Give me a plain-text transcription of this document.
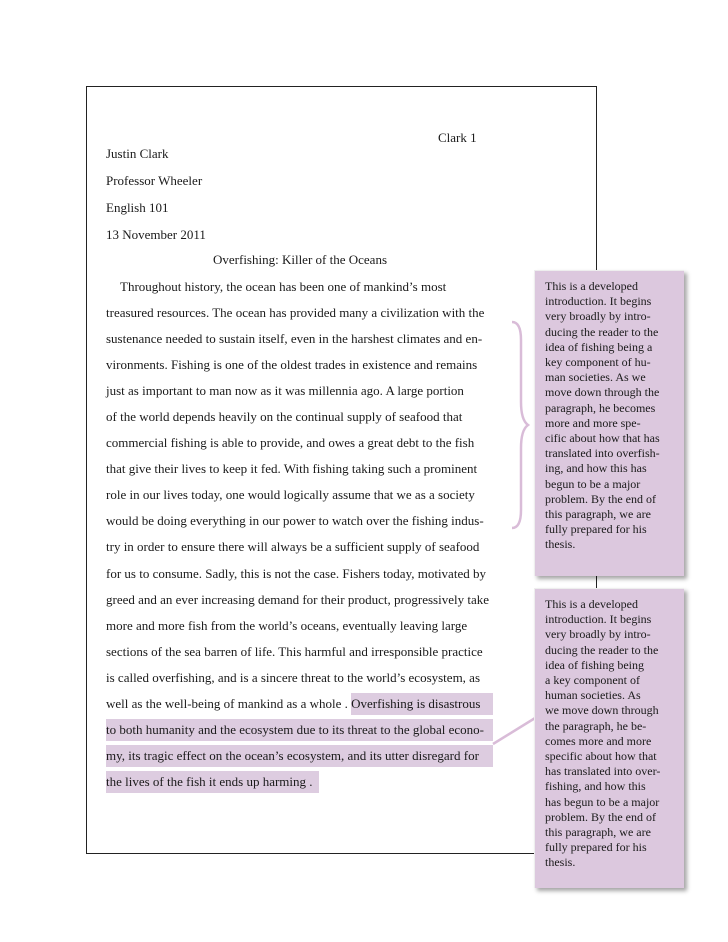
Clark 1
Justin Clark
Professor Wheeler
English 101
13 November 2011
Overfishing: Killer of the Oceans
Throughout history, the ocean has been one of mankind’s most
treasured resources. The ocean has provided many a civilization with the
sustenance needed to sustain itself, even in the harshest climates and en-
vironments. Fishing is one of the oldest trades in existence and remains
just as important to man now as it was millennia ago. A large portion
of the world depends heavily on the continual supply of seafood that
commercial fishing is able to provide, and owes a great debt to the fish
that give their lives to keep it fed. With fishing taking such a prominent
role in our lives today, one would logically assume that we as a society
would be doing everything in our power to watch over the fishing indus-
try in order to ensure there will always be a sufficient supply of seafood
for us to consume. Sadly, this is not the case. Fishers today, motivated by
greed and an ever increasing demand for their product, progressively take
more and more fish from the world’s oceans, eventually leaving large
sections of the sea barren of life. This harmful and irresponsible practice
is called overfishing, and is a sincere threat to the world’s ecosystem, as
well as the well-being of mankind as a whole . Overfishing is disastrous
to both humanity and the ecosystem due to its threat to the global econo-
my, its tragic effect on the ocean’s ecosystem, and its utter disregard for
the lives of the fish it ends up harming .
This is a developed
introduction. It begins
very broadly by intro-
ducing the reader to the
idea of fishing being a
key component of hu-
man societies. As we
move down through the
paragraph, he becomes
more and more spe-
cific about how that has
translated into overfish-
ing, and how this has
begun to be a major
problem. By the end of
this paragraph, we are
fully prepared for his
thesis.
This is a developed
introduction. It begins
very broadly by intro-
ducing the reader to the
idea of fishing being
a key component of
human societies. As
we move down through
the paragraph, he be-
comes more and more
specific about how that
has translated into over-
fishing, and how this
has begun to be a major
problem. By the end of
this paragraph, we are
fully prepared for his
thesis.
